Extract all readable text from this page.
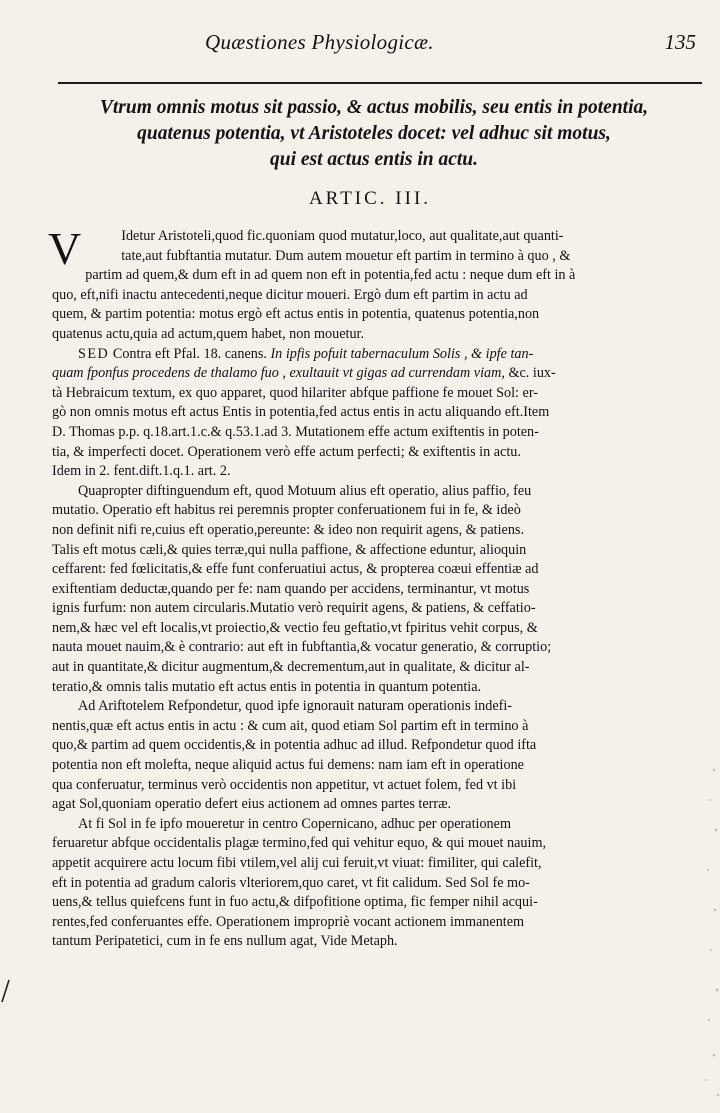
Quæstiones Physiologicæ.	135
Vtrum omnis motus sit passio, & actus mobilis, seu entis in potentia,
quatenus potentia, vt Aristoteles docet: vel adhuc sit motus,
qui est actus entis in actu.
ARTIC. III.
V	Idetur Aristoteli,quod fic.quoniam quod mutatur,loco, aut qualitate,aut quanti-
tate,aut fubftantia mutatur. Dum autem mouetur eft partim in termino à quo , &
partim ad quem,& dum eft in ad quem non eft in potentia,fed actu : neque dum eft in à
quo, eft,nifi inactu antecedenti,neque dicitur moueri. Ergò dum eft partim in actu ad
quem, & partim potentia: motus ergò eft actus entis in potentia, quatenus potentia,non
quatenus actu,quia ad actum,quem habet, non mouetur.
SED Contra eft Pfal. 18. canens. In ipfis pofuit tabernaculum Solis , & ipfe tan-
quam fponfus procedens de thalamo fuo , exultauit vt gigas ad currendam viam, &c. iux-
tà Hebraicum textum, ex quo apparet, quod hilariter abfque paffione fe mouet Sol: er-
gò non omnis motus eft actus Entis in potentia,fed actus entis in actu aliquando eft.Item
D. Thomas p.p. q.18.art.1.c.& q.53.1.ad 3. Mutationem effe actum exiftentis in poten-
tia, & imperfecti docet. Operationem verò effe actum perfecti; & exiftentis in actu.
Idem in 2. fent.dift.1.q.1. art. 2.
Quapropter diftinguendum eft, quod Motuum alius eft operatio, alius paffio, feu
mutatio. Operatio eft habitus rei peremnis propter conferuationem fui in fe, & ideò
non definit nifi re,cuius eft operatio,pereunte: & ideo non requirit agens, & patiens.
Talis eft motus cæli,& quies terræ,qui nulla paffione, & affectione eduntur, alioquin
ceffarent: fed fœlicitatis,& effe funt conferuatiui actus, & propterea coæui effentiæ ad
exiftentiam deductæ,quando per fe: nam quando per accidens, terminantur, vt motus
ignis furfum: non autem circularis.Mutatio verò requirit agens, & patiens, & ceffatio-
nem,& hæc vel eft localis,vt proiectio,& vectio feu geftatio,vt fpiritus vehit corpus, &
nauta mouet nauim,& è contrario: aut eft in fubftantia,& vocatur generatio, & corruptio;
aut in quantitate,& dicitur augmentum,& decrementum,aut in qualitate, & dicitur al-
teratio,& omnis talis mutatio eft actus entis in potentia in quantum potentia.
Ad Ariftotelem Refpondetur, quod ipfe ignorauit naturam operationis indefi-
nentis,quæ eft actus entis in actu : & cum ait, quod etiam Sol partim eft in termino à
quo,& partim ad quem occidentis,& in potentia adhuc ad illud. Refpondetur quod ifta
potentia non eft molefta, neque aliquid actus fui demens: nam iam eft in operatione
qua conferuatur, terminus verò occidentis non appetitur, vt actuet folem, fed vt ibi
agat Sol,quoniam operatio defert eius actionem ad omnes partes terræ.
At fi Sol in fe ipfo moueretur in centro Copernicano, adhuc per operationem
feruaretur abfque occidentalis plagæ termino,fed qui vehitur equo, & qui mouet nauim,
appetit acquirere actu locum fibi vtilem,vel alij cui feruit,vt viuat: fimiliter, qui calefit,
eft in potentia ad gradum caloris vlteriorem,quo caret, vt fit calidum. Sed Sol fe mo-
uens,& tellus quiefcens funt in fuo actu,& difpofitione optima, fic femper nihil acqui-
rentes,fed conferuantes effe. Operationem impropriè vocant actionem immanentem
tantum Peripatetici, cum in fe ens nullum agat, Vide Metaph.
